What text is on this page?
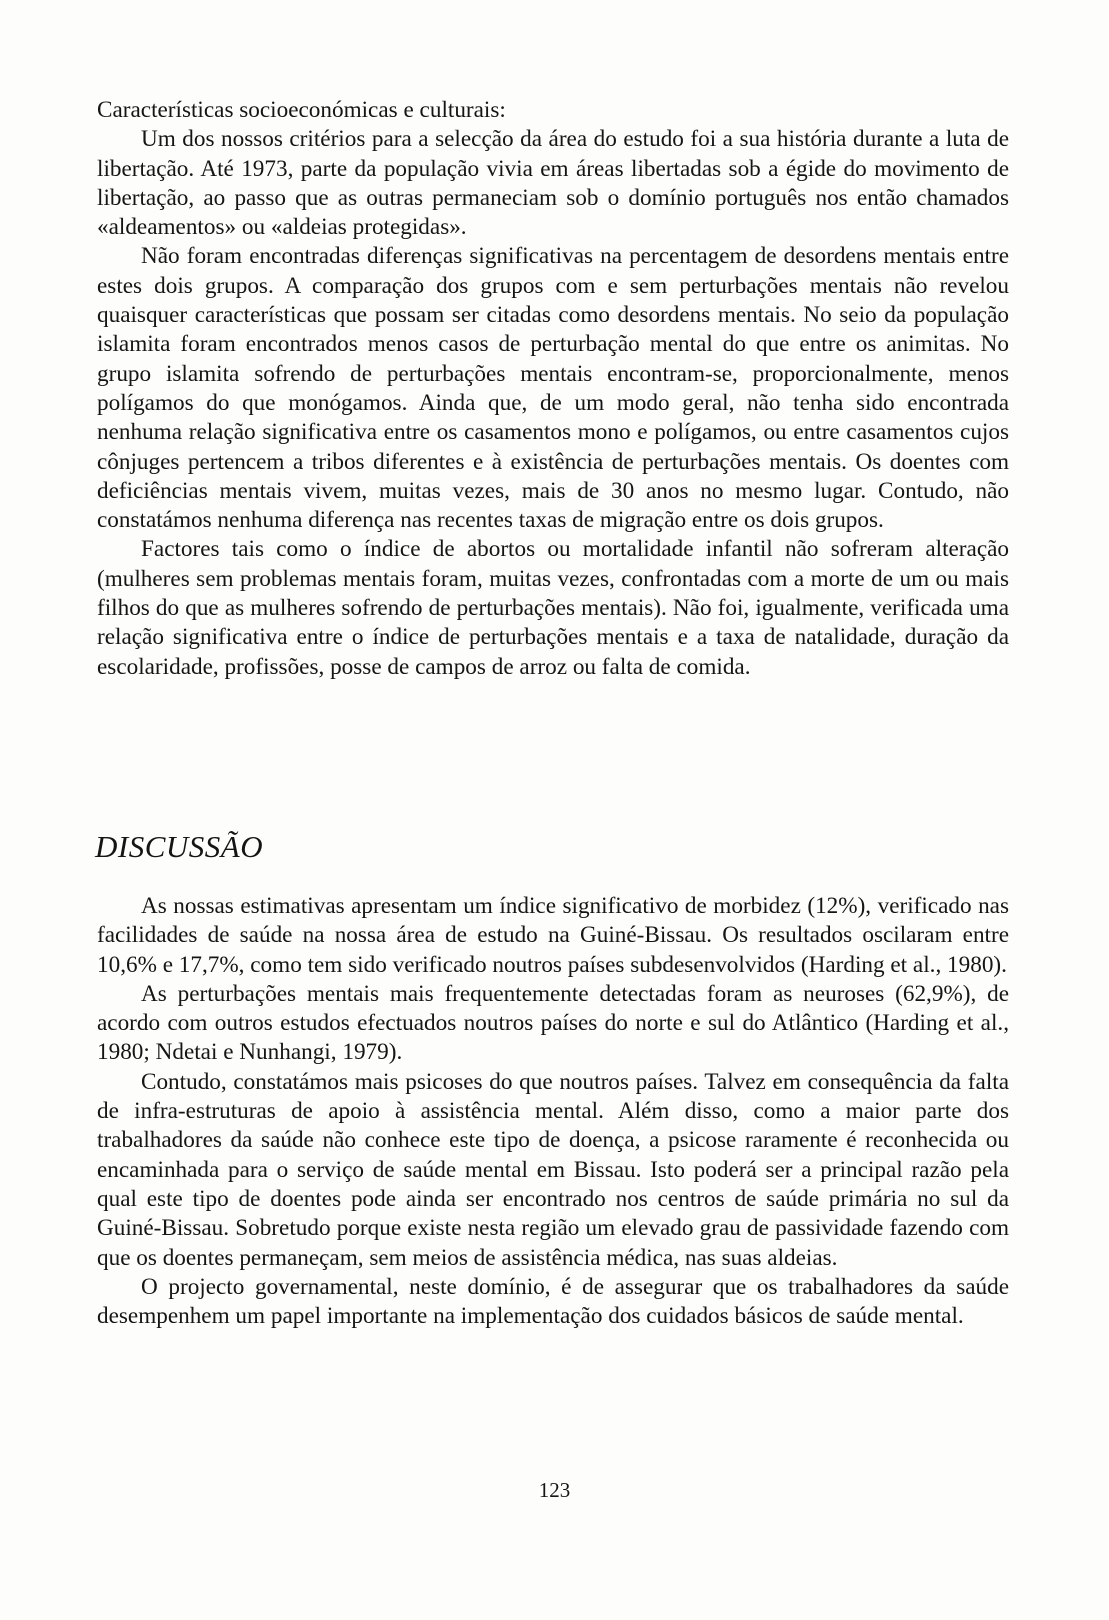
Características socioeconómicas e culturais:

Um dos nossos critérios para a selecção da área do estudo foi a sua história durante a luta de libertação. Até 1973, parte da população vivia em áreas libertadas sob a égide do movimento de libertação, ao passo que as outras permaneciam sob o domínio português nos então chamados «aldeamentos» ou «aldeias protegidas».

Não foram encontradas diferenças significativas na percentagem de desordens mentais entre estes dois grupos. A comparação dos grupos com e sem perturbações mentais não revelou quaisquer características que possam ser citadas como desordens mentais. No seio da população islamita foram encontrados menos casos de perturbação mental do que entre os animitas. No grupo islamita sofrendo de perturbações mentais encontram-se, proporcionalmente, menos polígamos do que monógamos. Ainda que, de um modo geral, não tenha sido encontrada nenhuma relação significativa entre os casamentos mono e polígamos, ou entre casamentos cujos cônjuges pertencem a tribos diferentes e à existência de perturbações mentais. Os doentes com deficiências mentais vivem, muitas vezes, mais de 30 anos no mesmo lugar. Contudo, não constatámos nenhuma diferença nas recentes taxas de migração entre os dois grupos.

Factores tais como o índice de abortos ou mortalidade infantil não sofreram alteração (mulheres sem problemas mentais foram, muitas vezes, confrontadas com a morte de um ou mais filhos do que as mulheres sofrendo de perturbações mentais). Não foi, igualmente, verificada uma relação significativa entre o índice de perturbações mentais e a taxa de natalidade, duração da escolaridade, profissões, posse de campos de arroz ou falta de comida.

DISCUSSÃO

As nossas estimativas apresentam um índice significativo de morbidez (12%), verificado nas facilidades de saúde na nossa área de estudo na Guiné-Bissau. Os resultados oscilaram entre 10,6% e 17,7%, como tem sido verificado noutros países subdesenvolvidos (Harding et al., 1980).

As perturbações mentais mais frequentemente detectadas foram as neuroses (62,9%), de acordo com outros estudos efectuados noutros países do norte e sul do Atlântico (Harding et al., 1980; Ndetai e Nunhangi, 1979).

Contudo, constatámos mais psicoses do que noutros países. Talvez em consequência da falta de infra-estruturas de apoio à assistência mental. Além disso, como a maior parte dos trabalhadores da saúde não conhece este tipo de doença, a psicose raramente é reconhecida ou encaminhada para o serviço de saúde mental em Bissau. Isto poderá ser a principal razão pela qual este tipo de doentes pode ainda ser encontrado nos centros de saúde primária no sul da Guiné-Bissau. Sobretudo porque existe nesta região um elevado grau de passividade fazendo com que os doentes permaneçam, sem meios de assistência médica, nas suas aldeias.

O projecto governamental, neste domínio, é de assegurar que os trabalhadores da saúde desempenhem um papel importante na implementação dos cuidados básicos de saúde mental.

123
